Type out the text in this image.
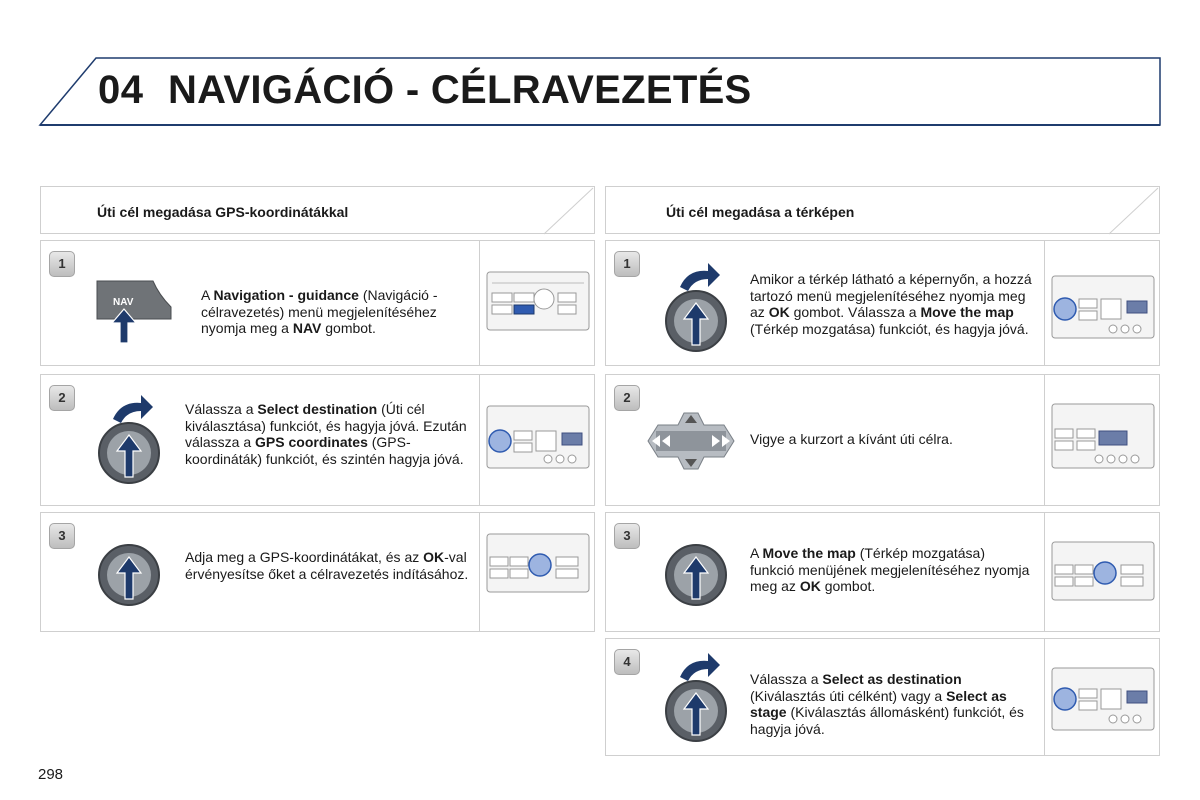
04 NAVIGÁCIÓ - CÉLRAVEZETÉS
Úti cél megadása GPS-koordinátákkal
1
NAV	A Navigation - guidance (Navigáció - célravezetés) menü megjelenítéséhez nyomja meg a NAV gombot.
2
Válassza a Select destination (Úti cél kiválasztása) funkciót, és hagyja jóvá. Ezután válassza a GPS coordinates (GPS-koordináták) funkciót, és szintén hagyja jóvá.
3
Adja meg a GPS-koordinátákat, és az OK-val érvényesítse őket a célravezetés indításához.
Úti cél megadása a térképen
1
Amikor a térkép látható a képernyőn, a hozzá tartozó menü megjelenítéséhez nyomja meg az OK gombot. Válassza a Move the map (Térkép mozgatása) funkciót, és hagyja jóvá.
2
Vigye a kurzort a kívánt úti célra.
3
A Move the map (Térkép mozgatása) funkció menüjének megjelenítéséhez nyomja meg az OK gombot.
4
Válassza a Select as destination (Kiválasztás úti célként) vagy a Select as stage (Kiválasztás állomásként) funkciót, és hagyja jóvá.
298
